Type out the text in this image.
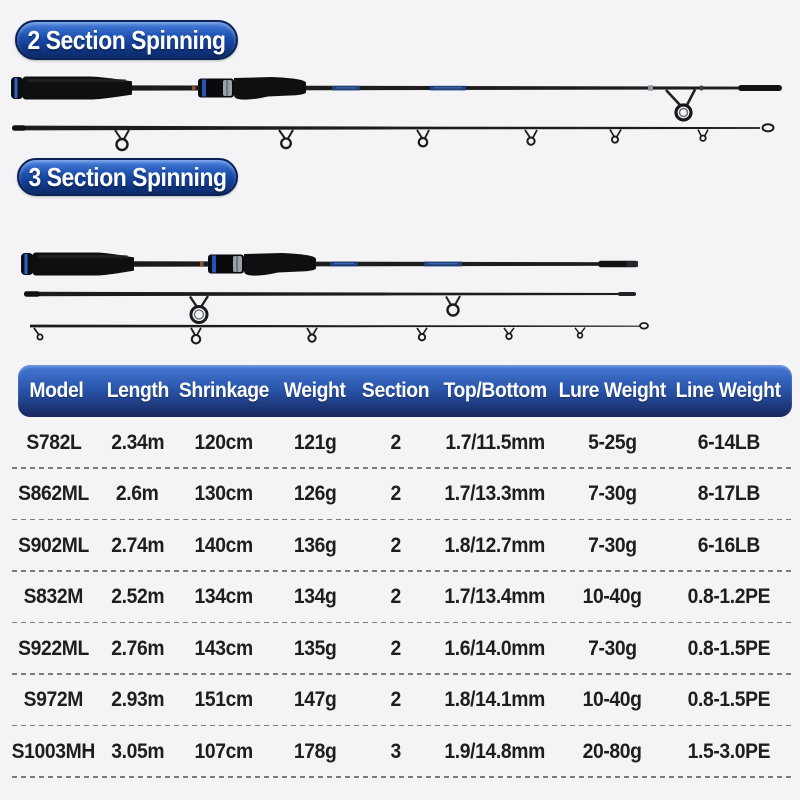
2 Section Spinning
3 Section Spinning
Model Length Shrinkage Weight Section Top/Bottom Lure Weight Line Weight
S782L 2.34m 120cm 121g	2 1.7/11.5mm 5-25g	6-14LB
S862ML 2.6m 130cm 126g	2 1.7/13.3mm 7-30g	8-17LB
S902ML 2.74m 140cm 136g	2 1.8/12.7mm 7-30g	6-16LB
S832M 2.52m 134cm 134g	2 1.7/13.4mm 10-40g 0.8-1.2PE
S922ML 2.76m 143cm 135g	2 1.6/14.0mm 7-30g 0.8-1.5PE
S972M 2.93m 151cm 147g	2 1.8/14.1mm 10-40g 0.8-1.5PE
S1003MH 3.05m 107cm 178g	3 1.9/14.8mm 20-80g 1.5-3.0PE
